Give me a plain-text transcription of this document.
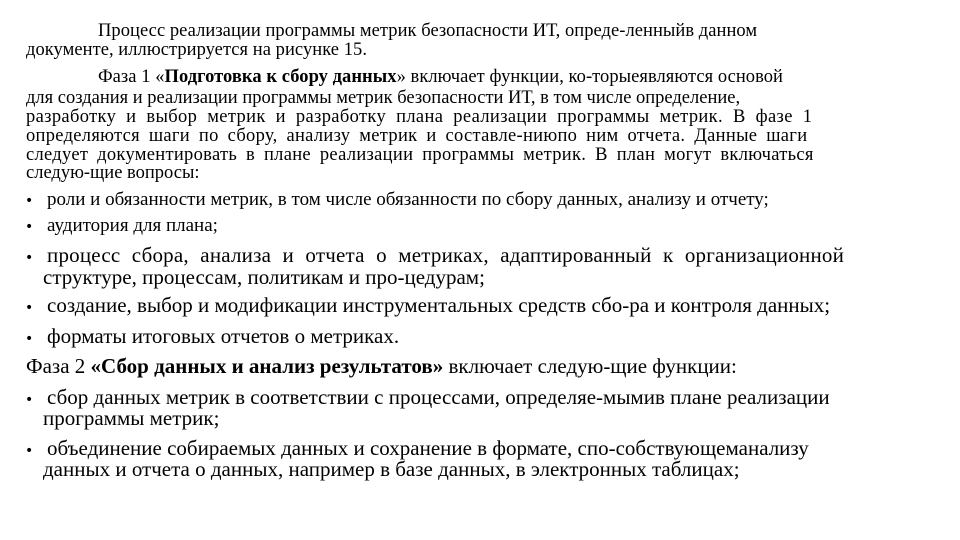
Процесс реализации программы метрик безопасности ИТ, опреде-ленныйв данном
документе, иллюстрируется на рисунке 15.
Фаза 1 «Подготовка к сбору данных» включает функции, ко-торыеявляются основой
для создания и реализации программы метрик безопасности ИТ, в том числе определение,
разработку и выбор метрик и разработку плана реализации программы метрик. В фазе 1
определяются шаги по сбору, анализу метрик и составле-ниюпо ним отчета. Данные шаги
следует документировать в плане реализации программы метрик. В план могут включаться
следую-щие вопросы:
• роли и обязанности метрик, в том числе обязанности по сбору данных, анализу и отчету;
• аудитория для плана;
• процесс сбора, анализа и отчета о метриках, адаптированный к организационной
структуре, процессам, политикам и про-цедурам;
• создание, выбор и модификации инструментальных средств сбо-ра и контроля данных;
• форматы итоговых отчетов о метриках.
Фаза 2 «Сбор данных и анализ результатов» включает следую-щие функции:
• сбор данных метрик в соответствии с процессами, определяе-мымив плане реализации
программы метрик;
• объединение собираемых данных и сохранение в формате, спо-собствующеманализу
данных и отчета о данных, например в базе данных, в электронных таблицах;
